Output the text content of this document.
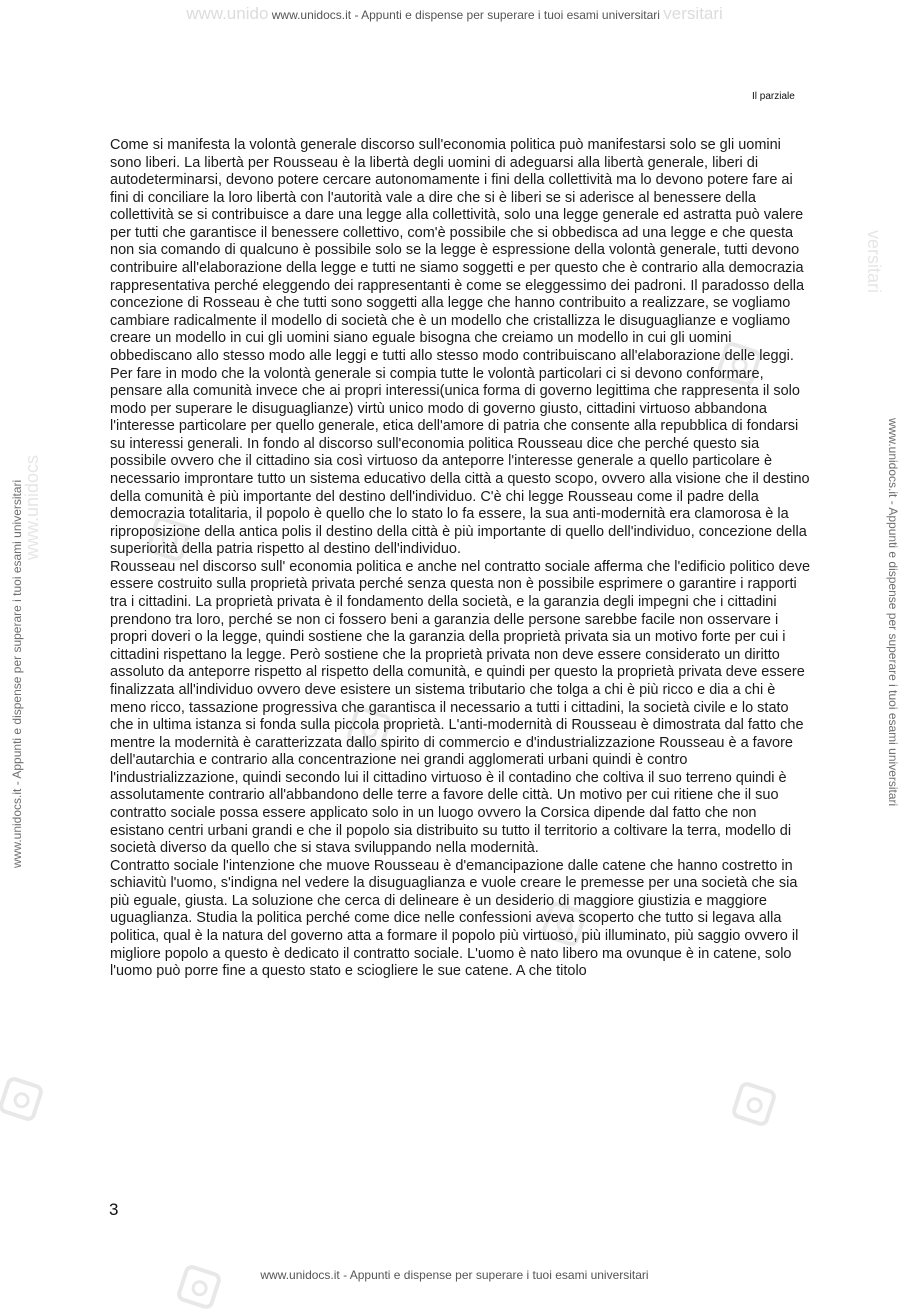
www.unido www.unidocs.it - Appunti e dispense per superare i tuoi esami universitari versitari
www.unidocs.it - Appunti e dispense per superare i tuoi esami universitari	www.unidocs.it - Appunti e dispense per superare i tuoi esami universitari
www.unidocs
versitari
Il parziale

Come si manifesta la volontà generale discorso sull'economia politica può manifestarsi solo se gli uomini sono liberi. La libertà per Rousseau è la libertà degli uomini di adeguarsi alla libertà generale, liberi di autodeterminarsi, devono potere cercare autonomamente i fini della collettività ma lo devono potere fare ai fini di conciliare la loro libertà con l'autorità vale a dire che si è liberi se si aderisce al benessere della collettività se si contribuisce a dare una legge alla collettività, solo una legge generale ed astratta può valere per tutti che garantisce il benessere collettivo, com'è possibile che si obbedisca ad una legge e che questa non sia comando di qualcuno è possibile solo se la legge è espressione della volontà generale, tutti devono contribuire all'elaborazione della legge e tutti ne siamo soggetti e per questo che è contrario alla democrazia rappresentativa perché eleggendo dei rappresentanti è come se eleggessimo dei padroni. Il paradosso della concezione di Rosseau è che tutti sono soggetti alla legge che hanno contribuito a realizzare, se vogliamo cambiare radicalmente il modello di società che è un modello che cristallizza le disuguaglianze e vogliamo creare un modello in cui gli uomini siano eguale bisogna che creiamo un modello in cui gli uomini obbediscano allo stesso modo alle leggi e tutti allo stesso modo contribuiscano all'elaborazione delle leggi. Per fare in modo che la volontà generale si compia tutte le volontà particolari ci si devono conformare, pensare alla comunità invece che ai propri interessi(unica forma di governo legittima che rappresenta il solo modo per superare le disuguaglianze) virtù unico modo di governo giusto, cittadini virtuoso abbandona l'interesse particolare per quello generale, etica dell'amore di patria che consente alla repubblica di fondarsi su interessi generali. In fondo al discorso sull'economia politica Rousseau dice che perché questo sia possibile ovvero che il cittadino sia così virtuoso da anteporre l'interesse generale a quello particolare è necessario improntare tutto un sistema educativo della città a questo scopo, ovvero alla visione che il destino della comunità è più importante del destino dell'individuo. C'è chi legge Rousseau come il padre della democrazia totalitaria, il popolo è quello che lo stato lo fa essere, la sua anti-modernità era clamorosa è la riproposizione della antica polis il destino della città è più importante di quello dell'individuo, concezione della superiorità della patria rispetto al destino dell'individuo.

Rousseau nel discorso sull' economia politica e anche nel contratto sociale afferma che l'edificio politico deve essere costruito sulla proprietà privata perché senza questa non è possibile esprimere o garantire i rapporti tra i cittadini. La proprietà privata è il fondamento della società, e la garanzia degli impegni che i cittadini prendono tra loro, perché se non ci fossero beni a garanzia delle persone sarebbe facile non osservare i propri doveri o la legge, quindi sostiene che la garanzia della proprietà privata sia un motivo forte per cui i cittadini rispettano la legge. Però sostiene che la proprietà privata non deve essere considerato un diritto assoluto da anteporre rispetto al rispetto della comunità, e quindi per questo la proprietà privata deve essere finalizzata all'individuo ovvero deve esistere un sistema tributario che tolga a chi è più ricco e dia a chi è meno ricco, tassazione progressiva che garantisca il necessario a tutti i cittadini, la società civile e lo stato che in ultima istanza si fonda sulla piccola proprietà. L'anti-modernità di Rousseau è dimostrata dal fatto che mentre la modernità è caratterizzata dallo spirito di commercio e d'industrializzazione Rousseau è a favore dell'autarchia e contrario alla concentrazione nei grandi agglomerati urbani quindi è contro l'industrializzazione, quindi secondo lui il cittadino virtuoso è il contadino che coltiva il suo terreno quindi è assolutamente contrario all'abbandono delle terre a favore delle città. Un motivo per cui ritiene che il suo contratto sociale possa essere applicato solo in un luogo ovvero la Corsica dipende dal fatto che non esistano centri urbani grandi e che il popolo sia distribuito su tutto il territorio a coltivare la terra, modello di società diverso da quello che si stava sviluppando nella modernità.

Contratto sociale l'intenzione che muove Rousseau è d'emancipazione dalle catene che hanno costretto in schiavitù l'uomo, s'indigna nel vedere la disuguaglianza e vuole creare le premesse per una società che sia più eguale, giusta. La soluzione che cerca di delineare è un desiderio di maggiore giustizia e maggiore uguaglianza. Studia la politica perché come dice nelle confessioni aveva scoperto che tutto si legava alla politica, qual è la natura del governo atta a formare il popolo più virtuoso, più illuminato, più saggio ovvero il migliore popolo a questo è dedicato il contratto sociale. L'uomo è nato libero ma ovunque è in catene, solo l'uomo può porre fine a questo stato e sciogliere le sue catene. A che titolo

3
www.unidocs.it - Appunti e dispense per superare i tuoi esami universitari
